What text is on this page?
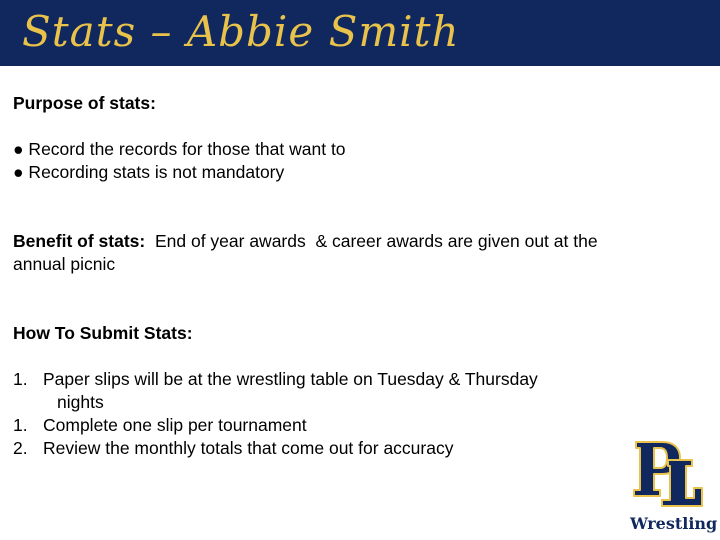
Stats – Abbie Smith
Purpose of stats:
● Record the records for those that want to
● Recording stats is not mandatory
Benefit of stats:  End of year awards  & career awards are given out at the
annual picnic
How To Submit Stats:
1. Paper slips will be at the wrestling table on Tuesday & Thursday
nights
1. Complete one slip per tournament
2. Review the monthly totals that come out for accuracy
Wrestling
